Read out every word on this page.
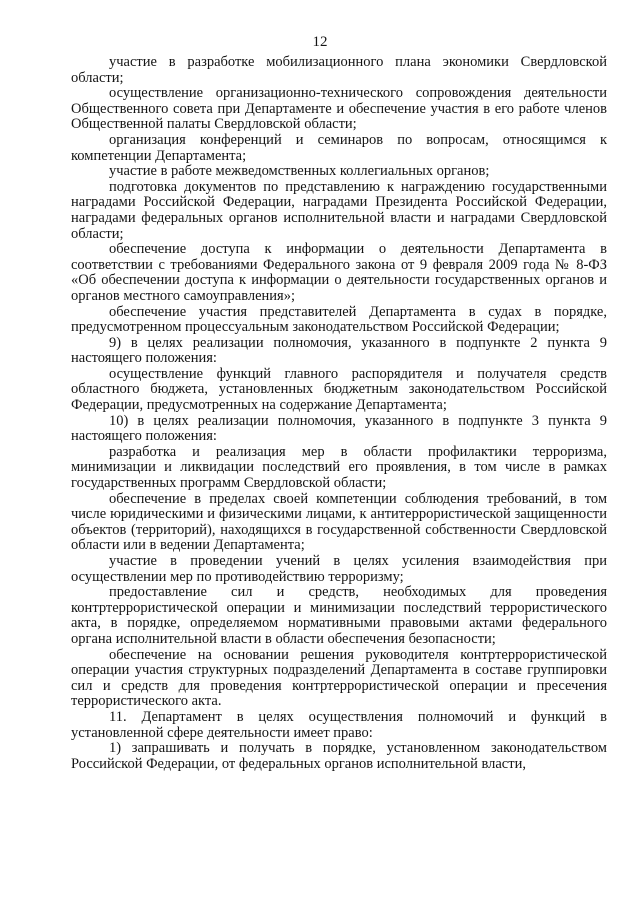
12

участие в разработке мобилизационного плана экономики Свердловской области;

осуществление организационно-технического сопровождения деятельности Общественного совета при Департаменте и обеспечение участия в его работе членов Общественной палаты Свердловской области;

организация конференций и семинаров по вопросам, относящимся к компетенции Департамента;

участие в работе межведомственных коллегиальных органов;

подготовка документов по представлению к награждению государственными наградами Российской Федерации, наградами Президента Российской Федерации, наградами федеральных органов исполнительной власти и наградами Свердловской области;

обеспечение доступа к информации о деятельности Департамента в соответствии с требованиями Федерального закона от 9 февраля 2009 года № 8-ФЗ «Об обеспечении доступа к информации о деятельности государственных органов и органов местного самоуправления»;

обеспечение участия представителей Департамента в судах в порядке, предусмотренном процессуальным законодательством Российской Федерации;

9) в целях реализации полномочия, указанного в подпункте 2 пункта 9 настоящего положения:

осуществление функций главного распорядителя и получателя средств областного бюджета, установленных бюджетным законодательством Российской Федерации, предусмотренных на содержание Департамента;

10) в целях реализации полномочия, указанного в подпункте 3 пункта 9 настоящего положения:

разработка и реализация мер в области профилактики терроризма, минимизации и ликвидации последствий его проявления, в том числе в рамках государственных программ Свердловской области;

обеспечение в пределах своей компетенции соблюдения требований, в том числе юридическими и физическими лицами, к антитеррористической защищенности объектов (территорий), находящихся в государственной собственности Свердловской области или в ведении Департамента;

участие в проведении учений в целях усиления взаимодействия при осуществлении мер по противодействию терроризму;

предоставление сил и средств, необходимых для проведения контртеррористической операции и минимизации последствий террористического акта, в порядке, определяемом нормативными правовыми актами федерального органа исполнительной власти в области обеспечения безопасности;

обеспечение на основании решения руководителя контртеррористической операции участия структурных подразделений Департамента в составе группировки сил и средств для проведения контртеррористической операции и пресечения террористического акта.

11. Департамент в целях осуществления полномочий и функций в установленной сфере деятельности имеет право:

1) запрашивать и получать в порядке, установленном законодательством Российской Федерации, от федеральных органов исполнительной власти,
